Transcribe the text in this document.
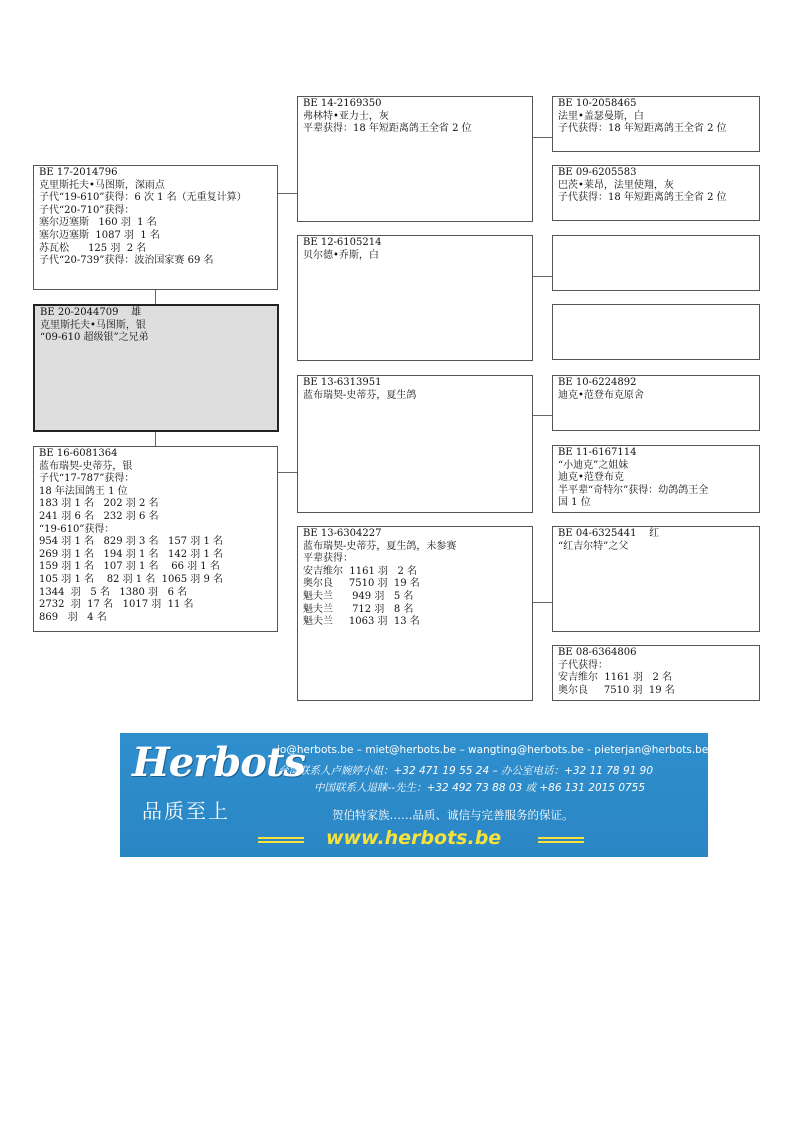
BE 17-2014796
克里斯托夫•马图斯，深雨点
子代“19-610”获得：6 次 1 名（无重复计算）
子代“20-710”获得：
塞尔迈塞斯   160 羽  1 名
塞尔迈塞斯  1087 羽  1 名
苏瓦松      125 羽  2 名
子代“20-739”获得：波治国家赛 69 名
BE 20-2044709    雄
克里斯托夫•马图斯，银
“09-610 超级银”之兄弟
BE 16-6081364
蓝布瑞契-史蒂芬，银
子代“17-787”获得：
18 年法国鸽王 1 位
183 羽 1 名   202 羽 2 名
241 羽 6 名   232 羽 6 名
“19-610”获得：
954 羽 1 名   829 羽 3 名   157 羽 1 名
269 羽 1 名   194 羽 1 名   142 羽 1 名
159 羽 1 名   107 羽 1 名    66 羽 1 名
105 羽 1 名    82 羽 1 名  1065 羽 9 名
1344  羽   5 名   1380 羽   6 名
2732  羽  17 名   1017 羽  11 名
869   羽   4 名
BE 14-2169350
弗林特•亚力士，灰
平辈获得：18 年短距离鸽王全省 2 位
BE 12-6105214
贝尔德•乔斯，白
BE 13-6313951
蓝布瑞契-史蒂芬，夏生鸽
BE 13-6304227
蓝布瑞契-史蒂芬，夏生鸽，未参赛
平辈获得：
安吉维尔  1161 羽   2 名
奥尔良     7510 羽  19 名
魁夫兰      949 羽   5 名
魁夫兰      712 羽   8 名
魁夫兰     1063 羽  13 名
BE 10-2058465
法里•盖瑟曼斯，白
子代获得：18 年短距离鸽王全省 2 位
BE 09-6205583
巴茨•莱昂，法里使翔，灰
子代获得：18 年短距离鸽王全省 2 位
BE 10-6224892
迪克•范登布克原舍
BE 11-6167114
“小迪克”之姐妹
迪克•范登布克
半平辈“奇特尔”获得：幼鸽鸽王全
国 1 位
BE 04-6325441    红
“红吉尔特”之父
BE 08-6364806
子代获得：
安吉维尔  1161 羽   2 名
奥尔良     7510 羽  19 名
Herbots
品质至上
jo@herbots.be – miet@herbots.be – wangting@herbots.be - pieterjan@herbots.be
台湾联系人卢婉婷小姐：+32 471 19 55 24 – 办公室电话：+32 11 78 91 90
中国联系人退睐--先生：+32 492 73 88 03 或 +86 131 2015 0755
贺伯特家族……品质、诚信与完善服务的保证。
www.herbots.be
